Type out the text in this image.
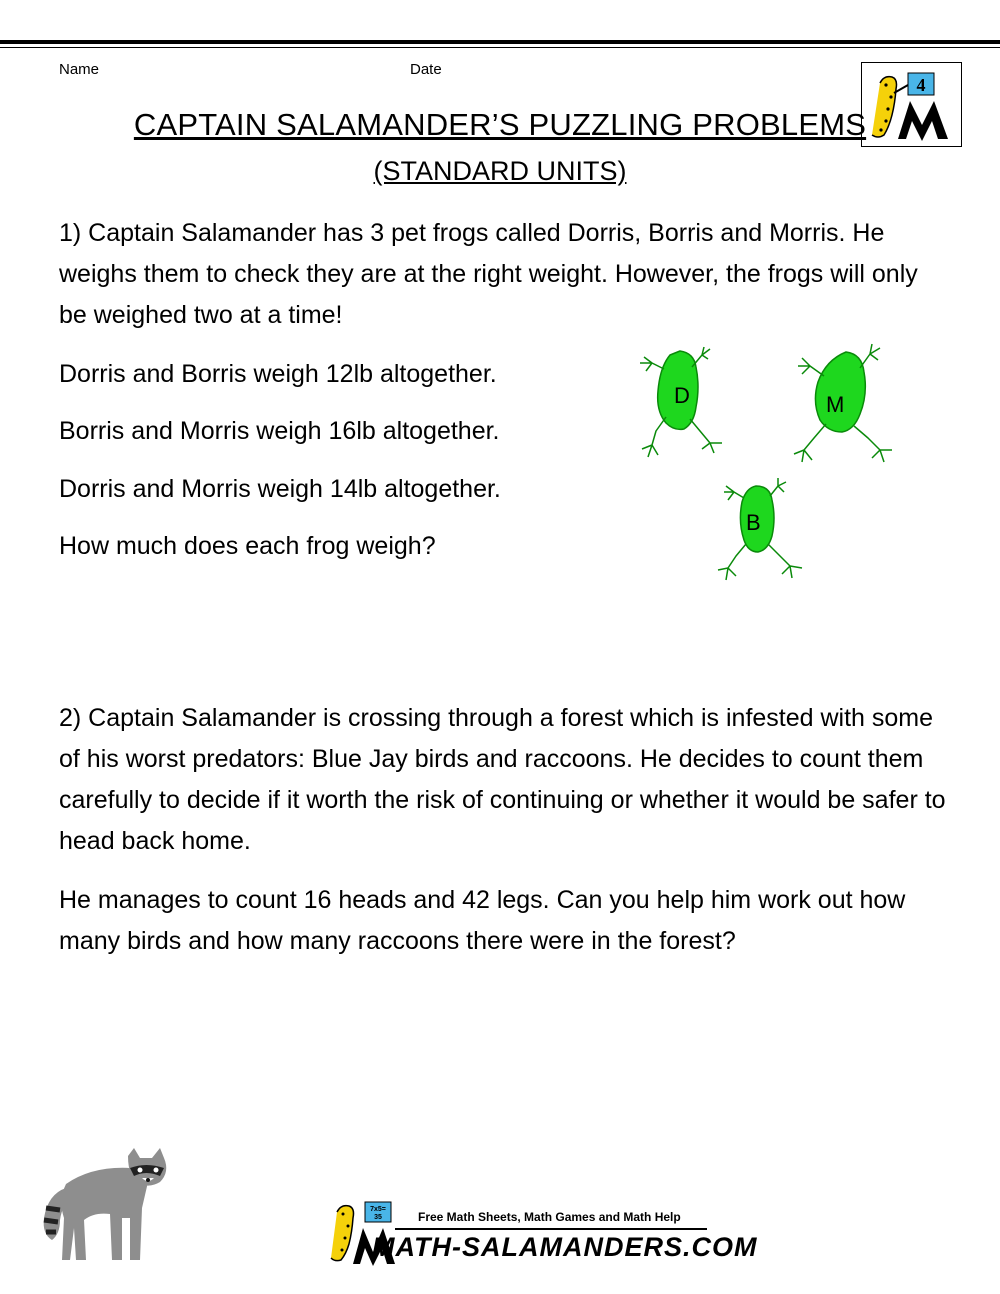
Name	Date
4
CAPTAIN SALAMANDER’S PUZZLING PROBLEMS
(STANDARD UNITS)

1) Captain Salamander has 3 pet frogs called Dorris, Borris and Morris. He weighs them to check they are at the right weight. However, the frogs will only be weighed two at a time!

Dorris and Borris weigh 12lb altogether.

Borris and Morris weigh 16lb altogether.

Dorris and Morris weigh 14lb altogether.

How much does each frog weigh?

D	M
B

2) Captain Salamander is crossing through a forest which is infested with some of his worst predators: Blue Jay birds and raccoons. He decides to count them carefully to decide if it worth the risk of continuing or whether it would be safer to head back home.

He manages to count 16 heads and 42 legs. Can you help him work out how many birds and how many raccoons there were in the forest?

7x5=
35	Free Math Sheets, Math Games and Math Help
MATH-SALAMANDERS.COM
